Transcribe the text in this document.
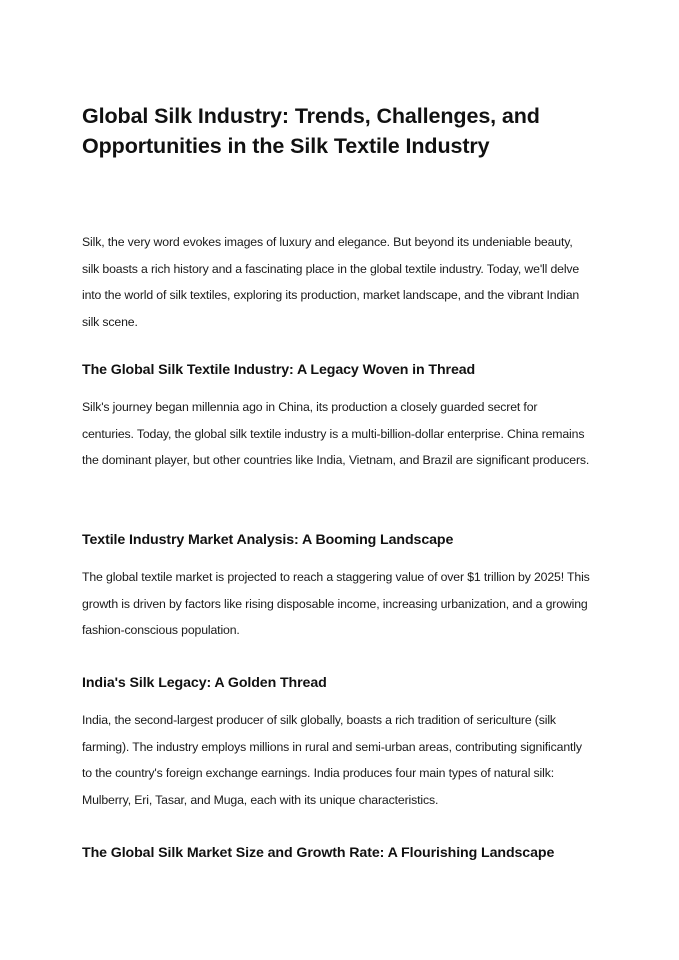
Global Silk Industry: Trends, Challenges, and Opportunities in the Silk Textile Industry

Silk, the very word evokes images of luxury and elegance. But beyond its undeniable beauty, silk boasts a rich history and a fascinating place in the global textile industry. Today, we'll delve into the world of silk textiles, exploring its production, market landscape, and the vibrant Indian silk scene.

The Global Silk Textile Industry: A Legacy Woven in Thread

Silk's journey began millennia ago in China, its production a closely guarded secret for centuries. Today, the global silk textile industry is a multi-billion-dollar enterprise. China remains the dominant player, but other countries like India, Vietnam, and Brazil are significant producers.

Textile Industry Market Analysis: A Booming Landscape

The global textile market is projected to reach a staggering value of over $1 trillion by 2025! This growth is driven by factors like rising disposable income, increasing urbanization, and a growing fashion-conscious population.

India's Silk Legacy: A Golden Thread

India, the second-largest producer of silk globally, boasts a rich tradition of sericulture (silk farming). The industry employs millions in rural and semi-urban areas, contributing significantly to the country's foreign exchange earnings. India produces four main types of natural silk: Mulberry, Eri, Tasar, and Muga, each with its unique characteristics.

The Global Silk Market Size and Growth Rate: A Flourishing Landscape
